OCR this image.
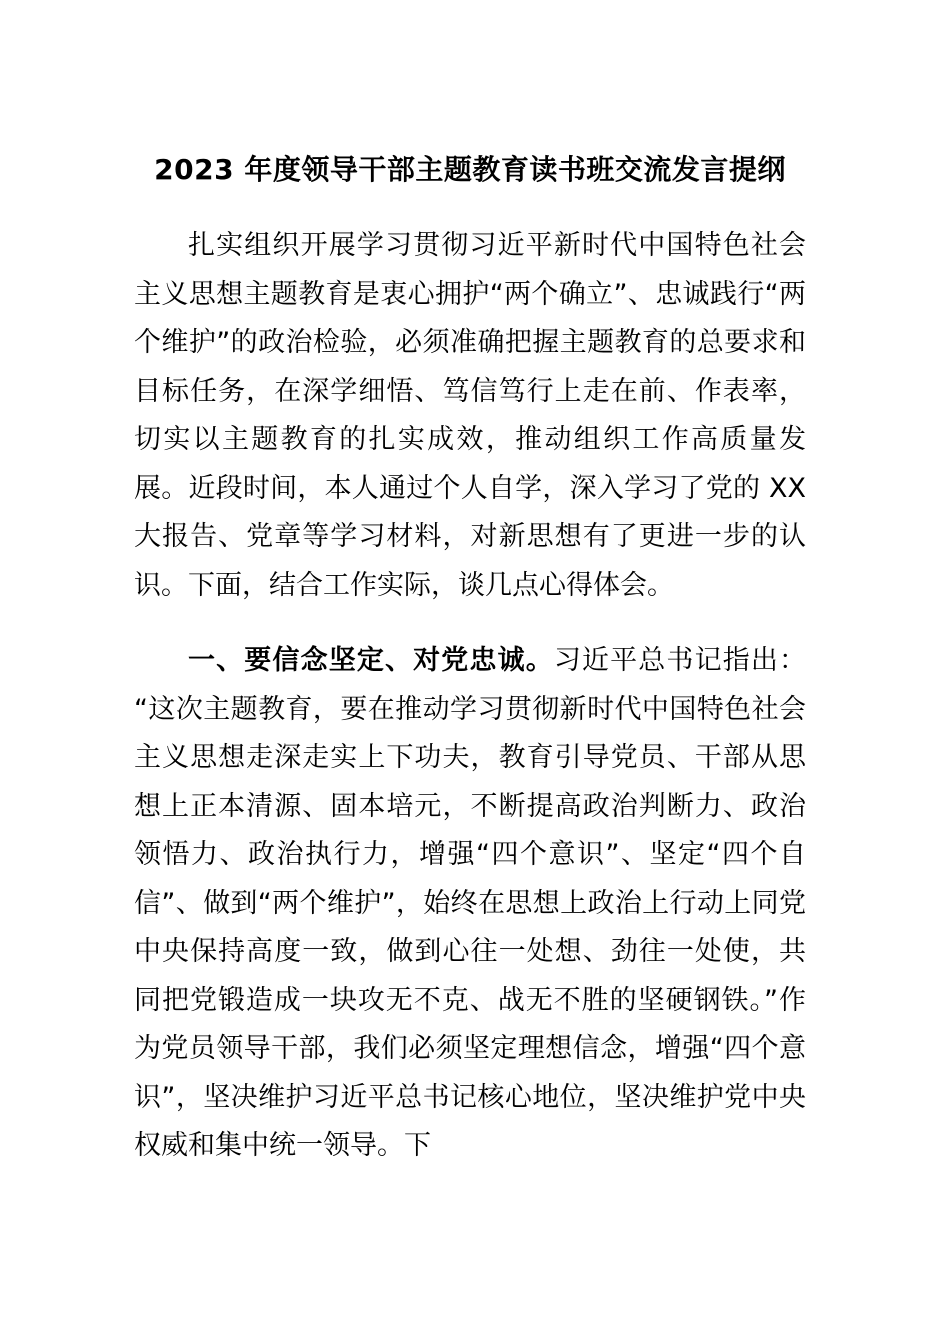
2023 年度领导干部主题教育读书班交流发言提纲

扎实组织开展学习贯彻习近平新时代中国特色社会主义思想主题教育是衷心拥护“两个确立”、忠诚践行“两个维护”的政治检验，必须准确把握主题教育的总要求和目标任务，在深学细悟、笃信笃行上走在前、作表率，切实以主题教育的扎实成效，推动组织工作高质量发展。近段时间，本人通过个人自学，深入学习了党的 XX 大报告、党章等学习材料，对新思想有了更进一步的认识。下面，结合工作实际，谈几点心得体会。

一、要信念坚定、对党忠诚。习近平总书记指出：“这次主题教育，要在推动学习贯彻新时代中国特色社会主义思想走深走实上下功夫，教育引导党员、干部从思想上正本清源、固本培元，不断提高政治判断力、政治领悟力、政治执行力，增强“四个意识”、坚定“四个自信”、做到“两个维护”，始终在思想上政治上行动上同党中央保持高度一致，做到心往一处想、劲往一处使，共同把党锻造成一块攻无不克、战无不胜的坚硬钢铁。”作为党员领导干部，我们必须坚定理想信念，增强“四个意识”，坚决维护习近平总书记核心地位，坚决维护党中央权威和集中统一领导。下
